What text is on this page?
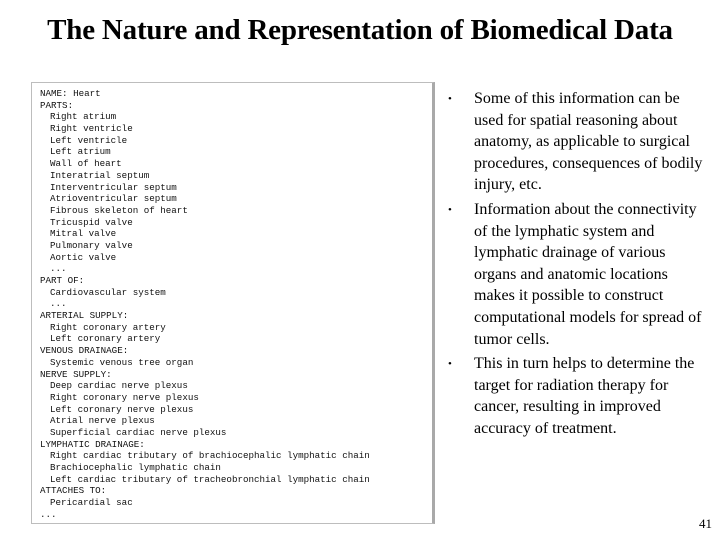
The Nature and Representation of Biomedical Data
NAME: Heart
PARTS:
Right atrium
Right ventricle
Left ventricle
Left atrium
Wall of heart
Interatrial septum
Interventricular septum
Atrioventricular septum
Fibrous skeleton of heart
Tricuspid valve
Mitral valve
Pulmonary valve
Aortic valve
...
PART OF:
Cardiovascular system
...
ARTERIAL SUPPLY:
Right coronary artery
Left coronary artery
VENOUS DRAINAGE:
Systemic venous tree organ
NERVE SUPPLY:
Deep cardiac nerve plexus
Right coronary nerve plexus
Left coronary nerve plexus
Atrial nerve plexus
Superficial cardiac nerve plexus
LYMPHATIC DRAINAGE:
Right cardiac tributary of brachiocephalic lymphatic chain
Brachiocephalic lymphatic chain
Left cardiac tributary of tracheobronchial lymphatic chain
ATTACHES TO:
Pericardial sac
...
• Some of this information can be used for spatial reasoning about anatomy, as applicable to surgical procedures, consequences of bodily injury, etc.
• Information about the connectivity of the lymphatic system and lymphatic drainage of various organs and anatomic locations makes it possible to construct computational models for spread of tumor cells.
• This in turn helps to determine the target for radiation therapy for cancer, resulting in improved accuracy of treatment.
41
